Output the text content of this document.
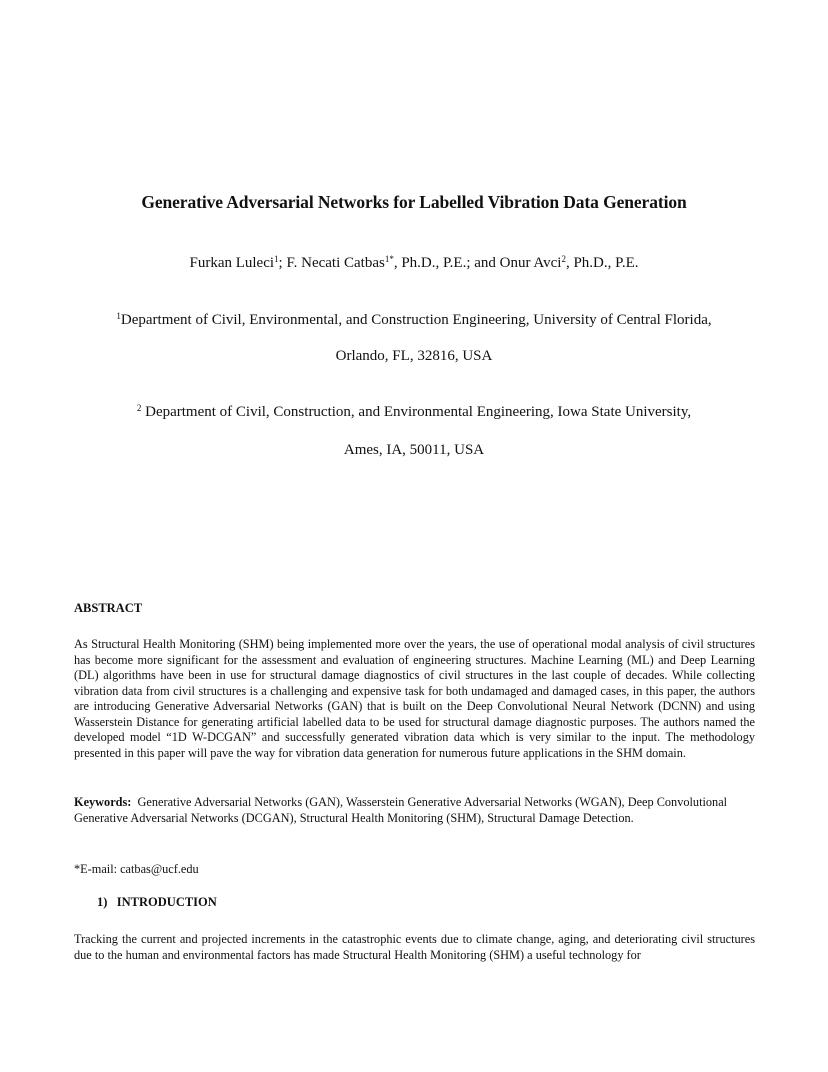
Generative Adversarial Networks for Labelled Vibration Data Generation
Furkan Luleci$^1$; F. Necati Catbas$^{1*}$, Ph.D., P.E.; and Onur Avci$^2$, Ph.D., P.E.
$^1$Department of Civil, Environmental, and Construction Engineering, University of Central Florida,
Orlando, FL, 32816, USA
$^2$ Department of Civil, Construction, and Environmental Engineering, Iowa State University,
Ames, IA, 50011, USA
ABSTRACT
As Structural Health Monitoring (SHM) being implemented more over the years, the use of operational modal analysis of civil structures has become more significant for the assessment and evaluation of engineering structures. Machine Learning (ML) and Deep Learning (DL) algorithms have been in use for structural damage diagnostics of civil structures in the last couple of decades. While collecting vibration data from civil structures is a challenging and expensive task for both undamaged and damaged cases, in this paper, the authors are introducing Generative Adversarial Networks (GAN) that is built on the Deep Convolutional Neural Network (DCNN) and using Wasserstein Distance for generating artificial labelled data to be used for structural damage diagnostic purposes. The authors named the developed model “1D W-DCGAN” and successfully generated vibration data which is very similar to the input. The methodology presented in this paper will pave the way for vibration data generation for numerous future applications in the SHM domain.
Keywords:  Generative Adversarial Networks (GAN), Wasserstein Generative Adversarial Networks (WGAN), Deep Convolutional Generative Adversarial Networks (DCGAN), Structural Health Monitoring (SHM), Structural Damage Detection.
*E-mail: catbas@ucf.edu
1)   INTRODUCTION
Tracking the current and projected increments in the catastrophic events due to climate change, aging, and deteriorating civil structures due to the human and environmental factors has made Structural Health Monitoring (SHM) a useful technology for
